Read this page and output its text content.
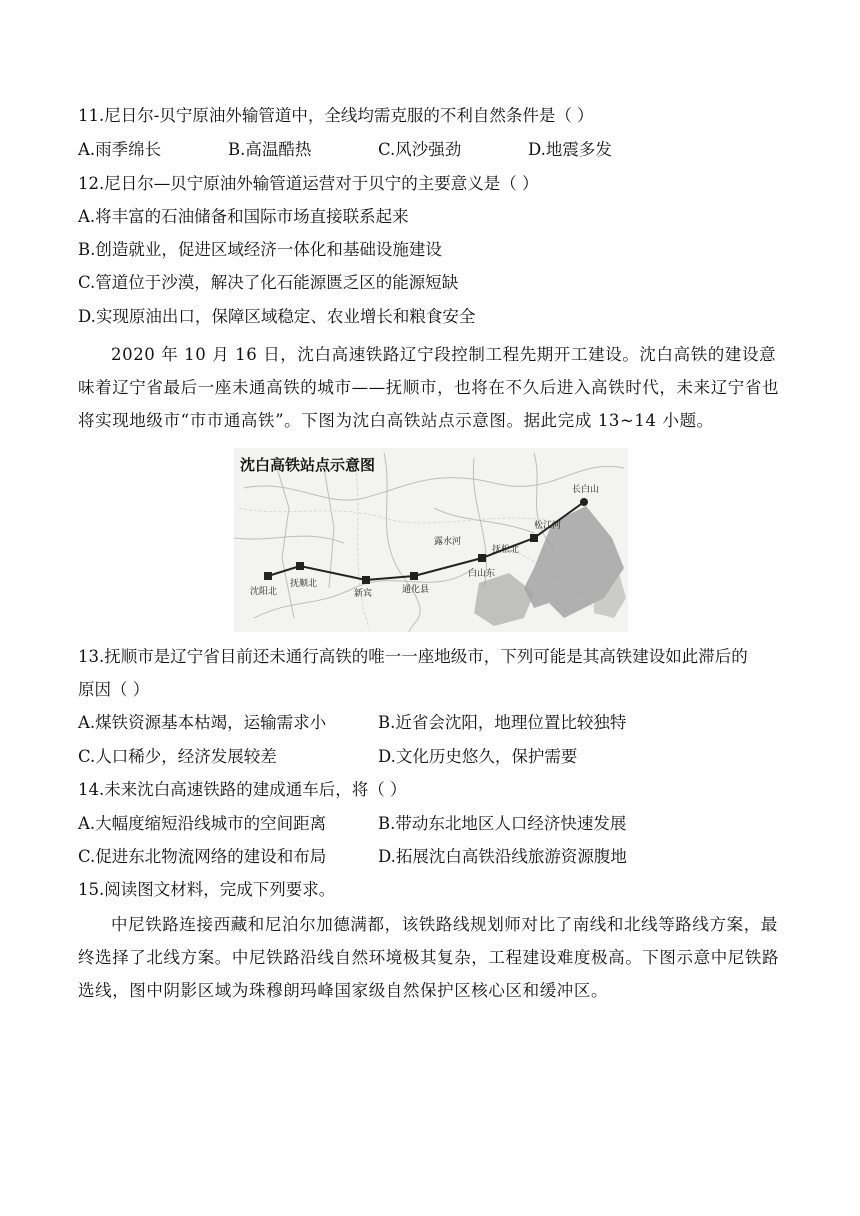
11.尼日尔-贝宁原油外输管道中，全线均需克服的不利自然条件是（ ）
A.雨季绵长	B.高温酷热	C.风沙强劲	D.地震多发
12.尼日尔—贝宁原油外输管道运营对于贝宁的主要意义是（ ）
A.将丰富的石油储备和国际市场直接联系起来
B.创造就业，促进区域经济一体化和基础设施建设
C.管道位于沙漠，解决了化石能源匮乏区的能源短缺
D.实现原油出口，保障区域稳定、农业增长和粮食安全
2020 年 10 月 16 日，沈白高速铁路辽宁段控制工程先期开工建设。沈白高铁的建设意味着辽宁省最后一座未通高铁的城市——抚顺市，也将在不久后进入高铁时代，未来辽宁省也将实现地级市“市市通高铁”。下图为沈白高铁站点示意图。据此完成 13~14 小题。
沈白高铁站点示意图
沈阳北
抚顺北
新宾	通化县
白山东
抚松北
长白山
露水河
松江河
13.抚顺市是辽宁省目前还未通行高铁的唯一一座地级市，下列可能是其高铁建设如此滞后的
原因（ ）
A.煤铁资源基本枯竭，运输需求小	B.近省会沈阳，地理位置比较独特
C.人口稀少，经济发展较差	D.文化历史悠久，保护需要
14.未来沈白高速铁路的建成通车后，将（ ）
A.大幅度缩短沿线城市的空间距离	B.带动东北地区人口经济快速发展
C.促进东北物流网络的建设和布局	D.拓展沈白高铁沿线旅游资源腹地
15.阅读图文材料，完成下列要求。
中尼铁路连接西藏和尼泊尔加德满都，该铁路线规划师对比了南线和北线等路线方案，最终选择了北线方案。中尼铁路沿线自然环境极其复杂，工程建设难度极高。下图示意中尼铁路选线，图中阴影区域为珠穆朗玛峰国家级自然保护区核心区和缓冲区。
